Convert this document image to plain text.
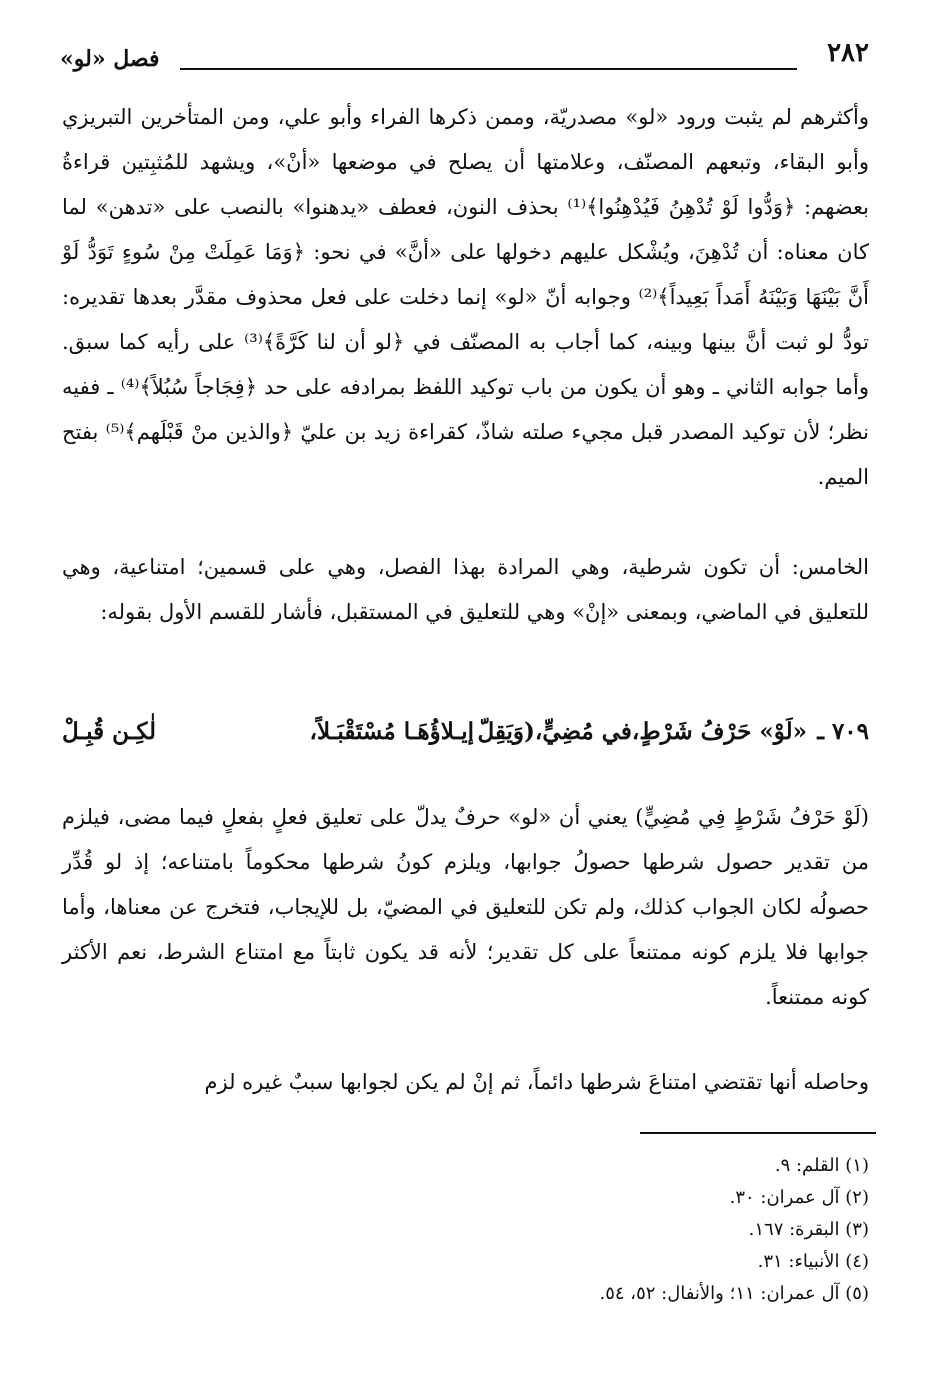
٢٨٢
فصل «لو»
وأكثرهم لم يثبت ورود «لو» مصدريّة، وممن ذكرها الفراء وأبو علي، ومن المتأخرين التبريزي وأبو البقاء، وتبعهم المصنّف، وعلامتها أن يصلح في موضعها «أنْ»، ويشهد للمُثبِتين قراءةُ بعضهم: ﴿وَدُّوا لَوْ تُدْهِنُ فَيُدْهِنُوا﴾⁽¹⁾ بحذف النون، فعطف «يدهنوا» بالنصب على «تدهن» لما كان معناه: أن تُدْهِنَ، ويُشْكل عليهم دخولها على «أنَّ» في نحو: ﴿وَمَا عَمِلَتْ مِنْ سُوءٍ تَوَدُّ لَوْ أَنَّ بَيْنَهَا وَبَيْنَهُ أَمَداً بَعِيداً﴾⁽²⁾ وجوابه أنّ «لو» إنما دخلت على فعل محذوف مقدَّر بعدها تقديره: تودُّ لو ثبت أنَّ بينها وبينه، كما أجاب به المصنّف في ﴿لو أن لنا كَرَّةً﴾⁽³⁾ على رأيه كما سبق. وأما جوابه الثاني ـ وهو أن يكون من باب توكيد اللفظ بمرادفه على حد ﴿فِجَاجاً سُبُلاً﴾⁽⁴⁾ ـ ففيه نظر؛ لأن توكيد المصدر قبل مجيء صلته شاذّ، كقراءة زيد بن عليّ ﴿والذين منْ قَبْلَهم﴾⁽⁵⁾ بفتح الميم.
الخامس: أن تكون شرطية، وهي المرادة بهذا الفصل، وهي على قسمين؛ امتناعية، وهي للتعليق في الماضي، وبمعنى «إنْ» وهي للتعليق في المستقبل، فأشار للقسم الأول بقوله:
٧٠٩ ـ
«لَوْ» حَرْفُ شَرْطٍ،في مُضِيٍّ،(وَيَقِلّ
إيـلاؤُهَـا مُسْتَقْبَـلاً،
لٰكِـن قُبِـلْ
(لَوْ حَرْفُ شَرْطٍ فِي مُضِيٍّ) يعني أن «لو» حرفٌ يدلّ على تعليق فعلٍ بفعلٍ فيما مضى، فيلزم من تقدير حصول شرطها حصولُ جوابها، ويلزم كونُ شرطها محكوماً بامتناعه؛ إذ لو قُدِّر حصولُه لكان الجواب كذلك، ولم تكن للتعليق في المضيّ، بل للإيجاب، فتخرج عن معناها، وأما جوابها فلا يلزم كونه ممتنعاً على كل تقدير؛ لأنه قد يكون ثابتاً مع امتناع الشرط، نعم الأكثر كونه ممتنعاً.
وحاصله أنها تقتضي امتناعَ شرطها دائماً، ثم إنْ لم يكن لجوابها سببٌ غيره لزم
(١) القلم: ٩.
(٢) آل عمران: ٣٠.
(٣) البقرة: ١٦٧.
(٤) الأنبياء: ٣١.
(٥) آل عمران: ١١؛ والأنفال: ٥٢، ٥٤.
